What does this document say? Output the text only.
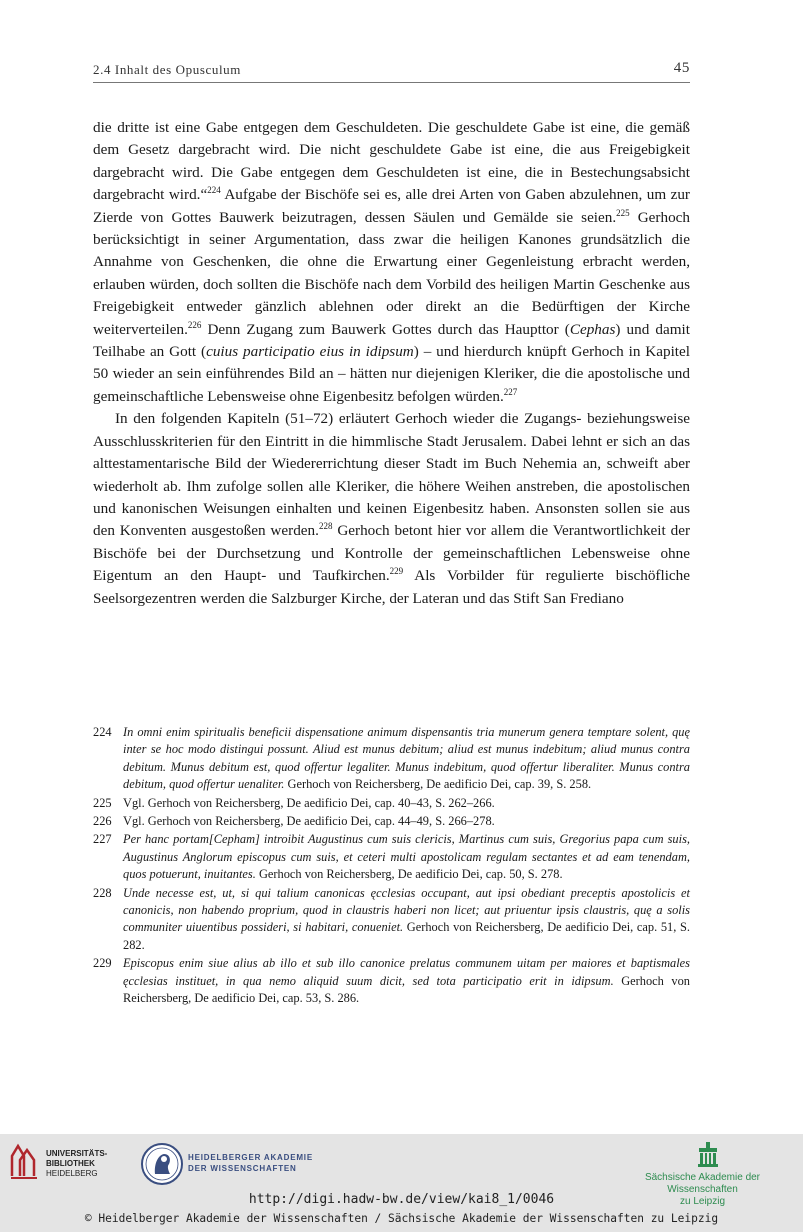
2.4 Inhalt des Opusculum	45

die dritte ist eine Gabe entgegen dem Geschuldeten. Die geschuldete Gabe ist eine, die gemäß dem Gesetz dargebracht wird. Die nicht geschuldete Gabe ist eine, die aus Freigebigkeit dargebracht wird. Die Gabe entgegen dem Geschuldeten ist eine, die in Bestechungsabsicht dargebracht wird.“$^{224}$ Aufgabe der Bischöfe sei es, alle drei Arten von Gaben abzulehnen, um zur Zierde von Gottes Bauwerk beizutragen, dessen Säulen und Gemälde sie seien.$^{225}$ Gerhoch berücksichtigt in seiner Argumentation, dass zwar die heiligen Kanones grundsätzlich die Annahme von Geschenken, die ohne die Erwartung einer Gegenleistung erbracht werden, erlauben würden, doch sollten die Bischöfe nach dem Vorbild des heiligen Martin Geschenke aus Freigebigkeit entweder gänzlich ablehnen oder direkt an die Bedürftigen der Kirche weiterverteilen.$^{226}$ Denn Zugang zum Bauwerk Gottes durch das Haupttor (Cephas) und damit Teilhabe an Gott (cuius participatio eius in idipsum) – und hierdurch knüpft Gerhoch in Kapitel 50 wieder an sein einführendes Bild an – hätten nur diejenigen Kleriker, die die apostolische und gemeinschaftliche Lebensweise ohne Eigenbesitz befolgen würden.$^{227}$

In den folgenden Kapiteln (51–72) erläutert Gerhoch wieder die Zugangs- beziehungsweise Ausschlusskriterien für den Eintritt in die himmlische Stadt Jerusalem. Dabei lehnt er sich an das alttestamentarische Bild der Wiedererrichtung dieser Stadt im Buch Nehemia an, schweift aber wiederholt ab. Ihm zufolge sollen alle Kleriker, die höhere Weihen anstreben, die apostolischen und kanonischen Weisungen einhalten und keinen Eigenbesitz haben. Ansonsten sollen sie aus den Konventen ausgestoßen werden.$^{228}$ Gerhoch betont hier vor allem die Verantwortlichkeit der Bischöfe bei der Durchsetzung und Kontrolle der gemeinschaftlichen Lebensweise ohne Eigentum an den Haupt- und Taufkirchen.$^{229}$ Als Vorbilder für regulierte bischöfliche Seelsorgezentren werden die Salzburger Kirche, der Lateran und das Stift San Frediano

224 In omni enim spiritualis beneficii dispensatione animum dispensantis tria munerum genera temptare solent, quę inter se hoc modo distingui possunt. Aliud est munus debitum; aliud est munus indebitum; aliud munus contra debitum. Munus debitum est, quod offertur legaliter. Munus indebitum, quod offertur liberaliter. Munus contra debitum, quod offertur uenaliter. Gerhoch von Reichersberg, De aedificio Dei, cap. 39, S. 258.
225 Vgl. Gerhoch von Reichersberg, De aedificio Dei, cap. 40–43, S. 262–266.
226 Vgl. Gerhoch von Reichersberg, De aedificio Dei, cap. 44–49, S. 266–278.
227 Per hanc portam[Cepham] introibit Augustinus cum suis clericis, Martinus cum suis, Gregorius papa cum suis, Augustinus Anglorum episcopus cum suis, et ceteri multi apostolicam regulam sectantes et ad eam tenendam, quos potuerunt, inuitantes. Gerhoch von Reichersberg, De aedificio Dei, cap. 50, S. 278.
228 Unde necesse est, ut, si qui talium canonicas ęcclesias occupant, aut ipsi obediant preceptis apostolicis et canonicis, non habendo proprium, quod in claustris haberi non licet; aut priuentur ipsis claustris, quę a solis communiter uiuentibus possideri, si habitari, conueniet. Gerhoch von Reichersberg, De aedificio Dei, cap. 51, S. 282.
229 Episcopus enim siue alius ab illo et sub illo canonice prelatus communem uitam per maiores et baptismales ęcclesias instituet, in qua nemo aliquid suum dicit, sed tota participatio erit in idipsum. Gerhoch von Reichersberg, De aedificio Dei, cap. 53, S. 286.
UNIVERSITÄTS-
BIBLIOTHEK
HEIDELBERG
HEIDELBERGER AKADEMIE
DER WISSENSCHAFTEN
Sächsische Akademie der Wissenschaften
zu Leipzig
http://digi.hadw-bw.de/view/kai8_1/0046
© Heidelberger Akademie der Wissenschaften / Sächsische Akademie der Wissenschaften zu Leipzig
